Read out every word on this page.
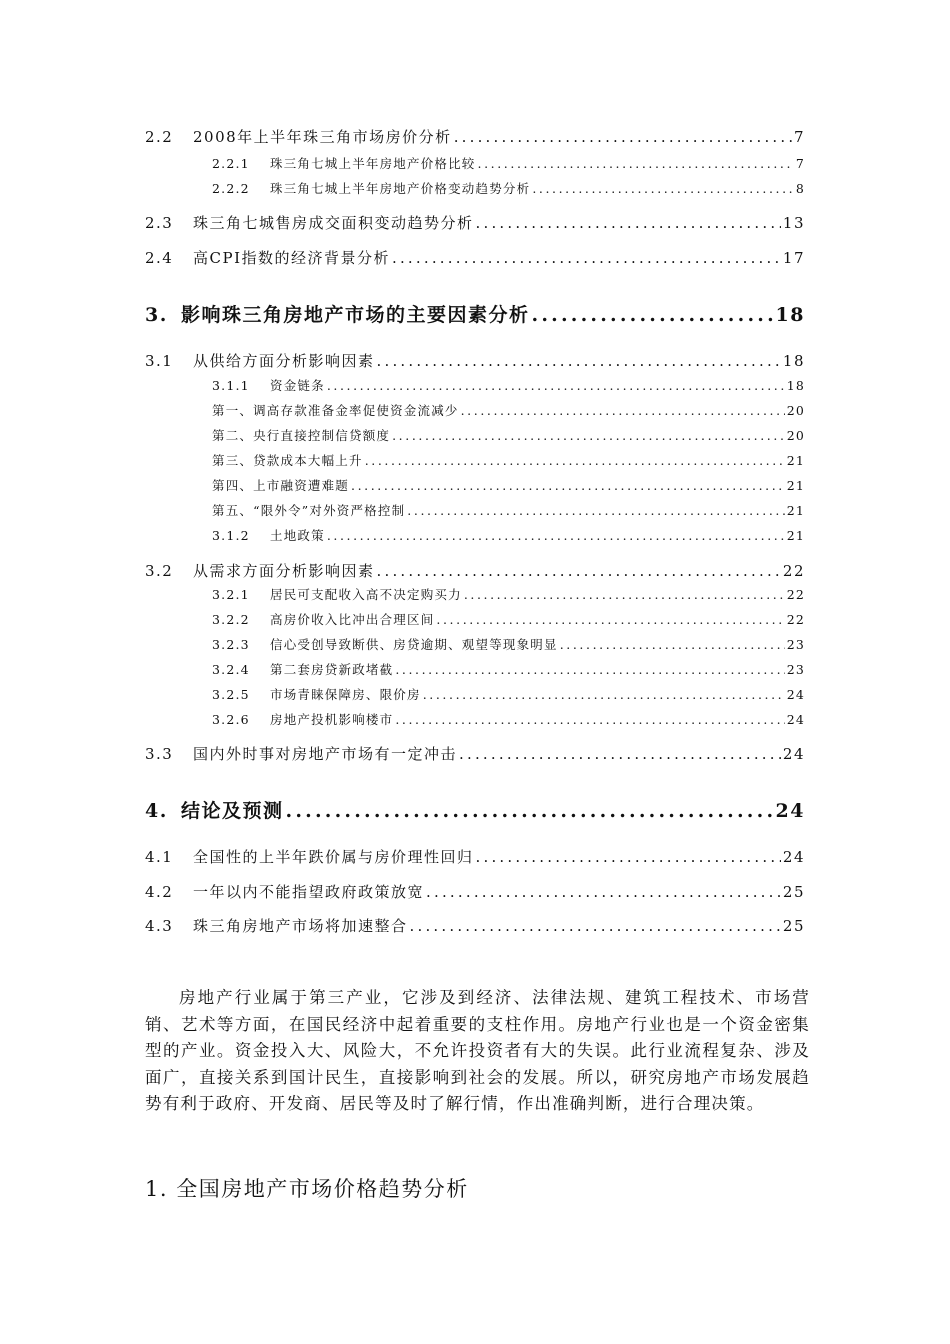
2.2	2008年上半年珠三角市场房价分析 .....	7
2.2.1	珠三角七城上半年房地产价格比较 .....	7
2.2.2	珠三角七城上半年房地产价格变动趋势分析 .....	8
2.3	珠三角七城售房成交面积变动趋势分析 .....	13
2.4	高CPI指数的经济背景分析 .....	17
3. 影响珠三角房地产市场的主要因素分析 .....	18
3.1	从供给方面分析影响因素 .....	18
3.1.1	资金链条 .....	18
第一、调高存款准备金率促使资金流减少 .....	20
第二、央行直接控制信贷额度 .....	20
第三、贷款成本大幅上升 .....	21
第四、上市融资遭难题 .....	21
第五、“限外令”对外资严格控制 .....	21
3.1.2	土地政策 .....	21
3.2	从需求方面分析影响因素 .....	22
3.2.1	居民可支配收入高不决定购买力 .....	22
3.2.2	高房价收入比冲出合理区间 .....	22
3.2.3	信心受创导致断供、房贷逾期、观望等现象明显 .....	23
3.2.4	第二套房贷新政堵截 .....	23
3.2.5	市场青睐保障房、限价房 .....	24
3.2.6	房地产投机影响楼市 .....	24
3.3	国内外时事对房地产市场有一定冲击 .....	24
4. 结论及预测 .....	24
4.1	全国性的上半年跌价属与房价理性回归 .....	24
4.2	一年以内不能指望政府政策放宽 .....	25
4.3	珠三角房地产市场将加速整合 .....	25

房地产行业属于第三产业，它涉及到经济、法律法规、建筑工程技术、市场营销、艺术等方面，在国民经济中起着重要的支柱作用。房地产行业也是一个资金密集型的产业。资金投入大、风险大，不允许投资者有大的失误。此行业流程复杂、涉及面广，直接关系到国计民生，直接影响到社会的发展。所以，研究房地产市场发展趋势有利于政府、开发商、居民等及时了解行情，作出准确判断，进行合理决策。

1. 全国房地产市场价格趋势分析
